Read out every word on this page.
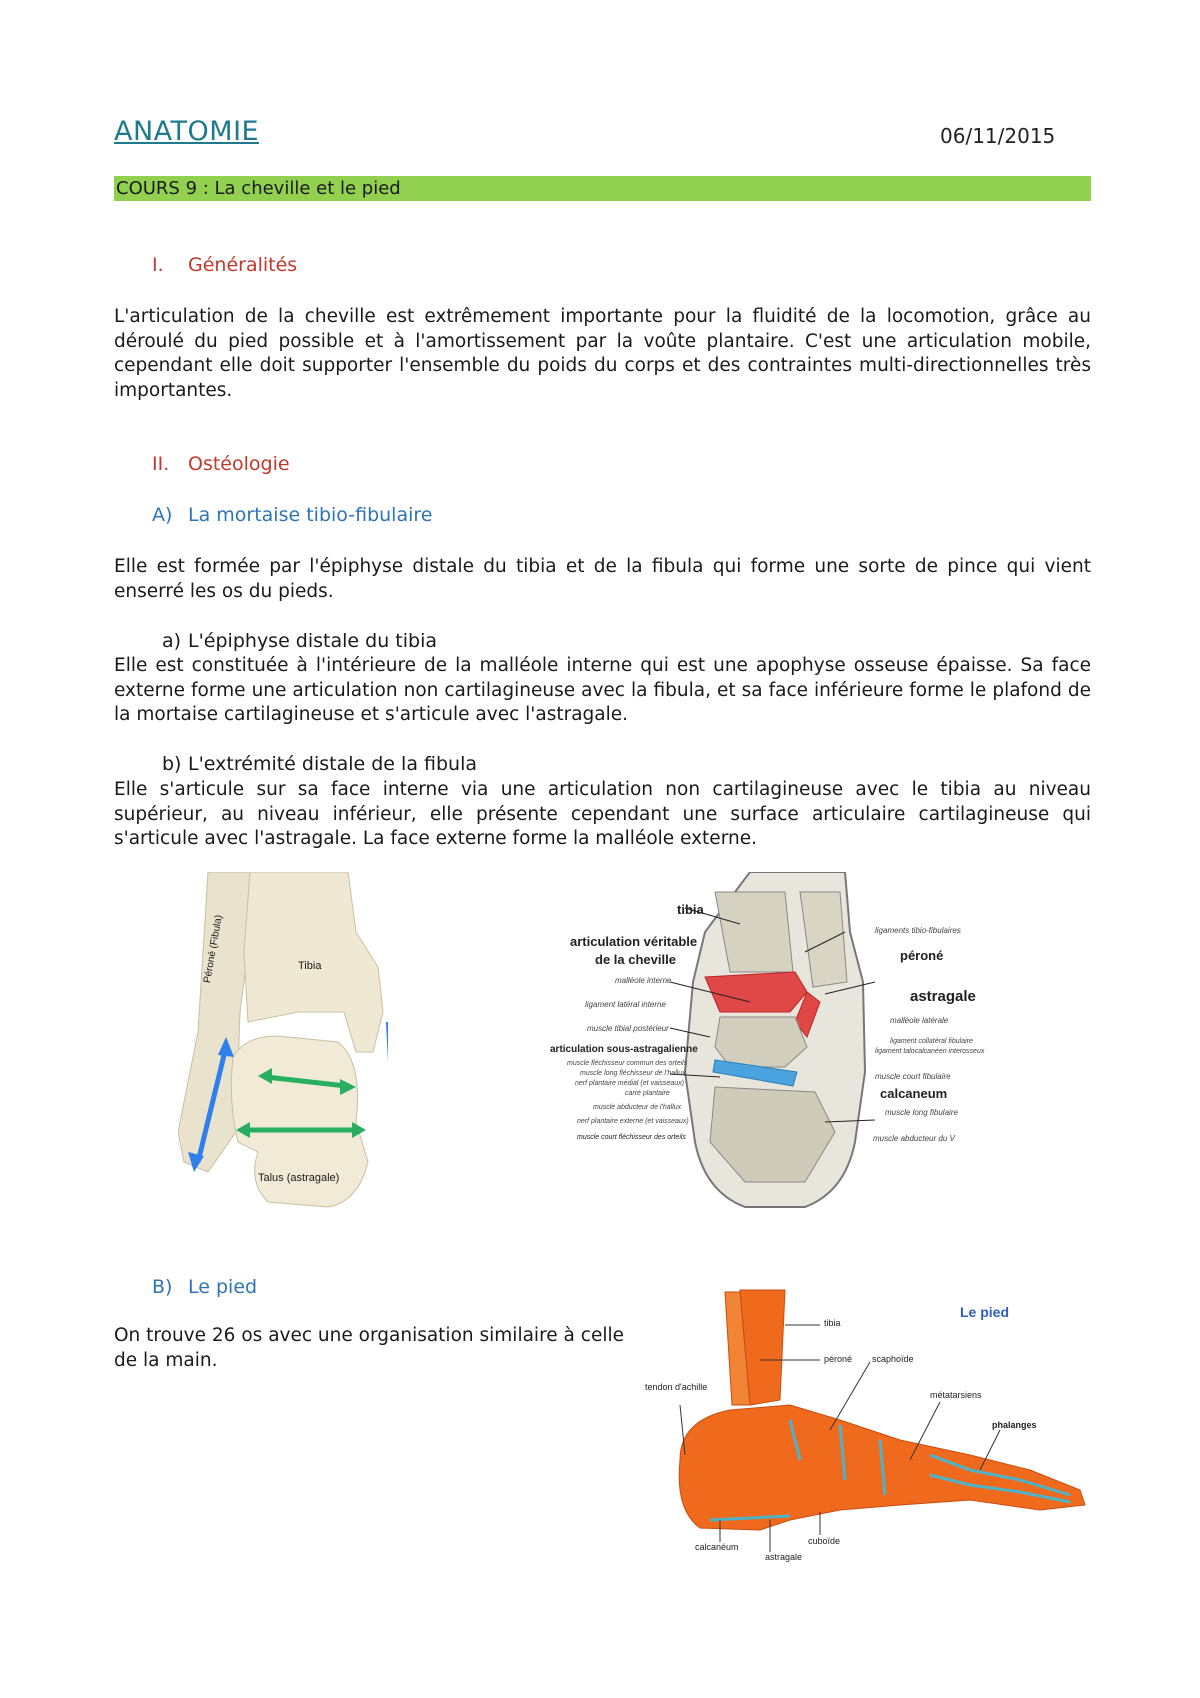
ANATOMIE	06/11/2015
COURS 9 : La cheville et le pied
I. Généralités
L'articulation de la cheville est extrêmement importante pour la fluidité de la locomotion, grâce au déroulé du pied possible et à l'amortissement par la voûte plantaire. C'est une articulation mobile, cependant elle doit supporter l'ensemble du poids du corps et des contraintes multi-directionnelles très importantes.
II. Ostéologie
A) La mortaise tibio-fibulaire
Elle est formée par l'épiphyse distale du tibia et de la fibula qui forme une sorte de pince qui vient enserré les os du pieds.
a) L'épiphyse distale du tibia
Elle est constituée à l'intérieure de la malléole interne qui est une apophyse osseuse épaisse. Sa face externe forme une articulation non cartilagineuse avec la fibula, et sa face inférieure forme le plafond de la mortaise cartilagineuse et s'articule avec l'astragale.
b) L'extrémité distale de la fibula
Elle s'articule sur sa face interne via une articulation non cartilagineuse avec le tibia au niveau supérieur, au niveau inférieur, elle présente cependant une surface articulaire cartilagineuse qui s'articule avec l'astragale. La face externe forme la malléole externe.
Péroné (Fibula)	Tibia
Talus (astragale)
tibia
articulation véritable
de la cheville
malléole interne
ligament latéral interne
muscle tibial postérieur
articulation sous-astragalienne
muscle fléchisseur commun des orteils
muscle long fléchisseur de l'hallux
nerf plantaire médial (et vaisseaux)
carré plantaire
muscle abducteur de l'hallux
nerf plantaire externe (et vaisseaux)
muscle court fléchisseur des orteils
ligaments tibio-fibulaires
péroné
astragale
malléole latérale
ligament collatéral fibulaire
ligament talocalcanéen interosseux
muscle court fibulaire
calcaneum
muscle long fibulaire
muscle abducteur du V
B) Le pied
On trouve 26 os avec une organisation similaire à celle de la main.
Le pied
tibia
péroné scaphoïde
tendon d'achille
métatarsiens
phalanges
cuboïde
calcanéum
astragale
